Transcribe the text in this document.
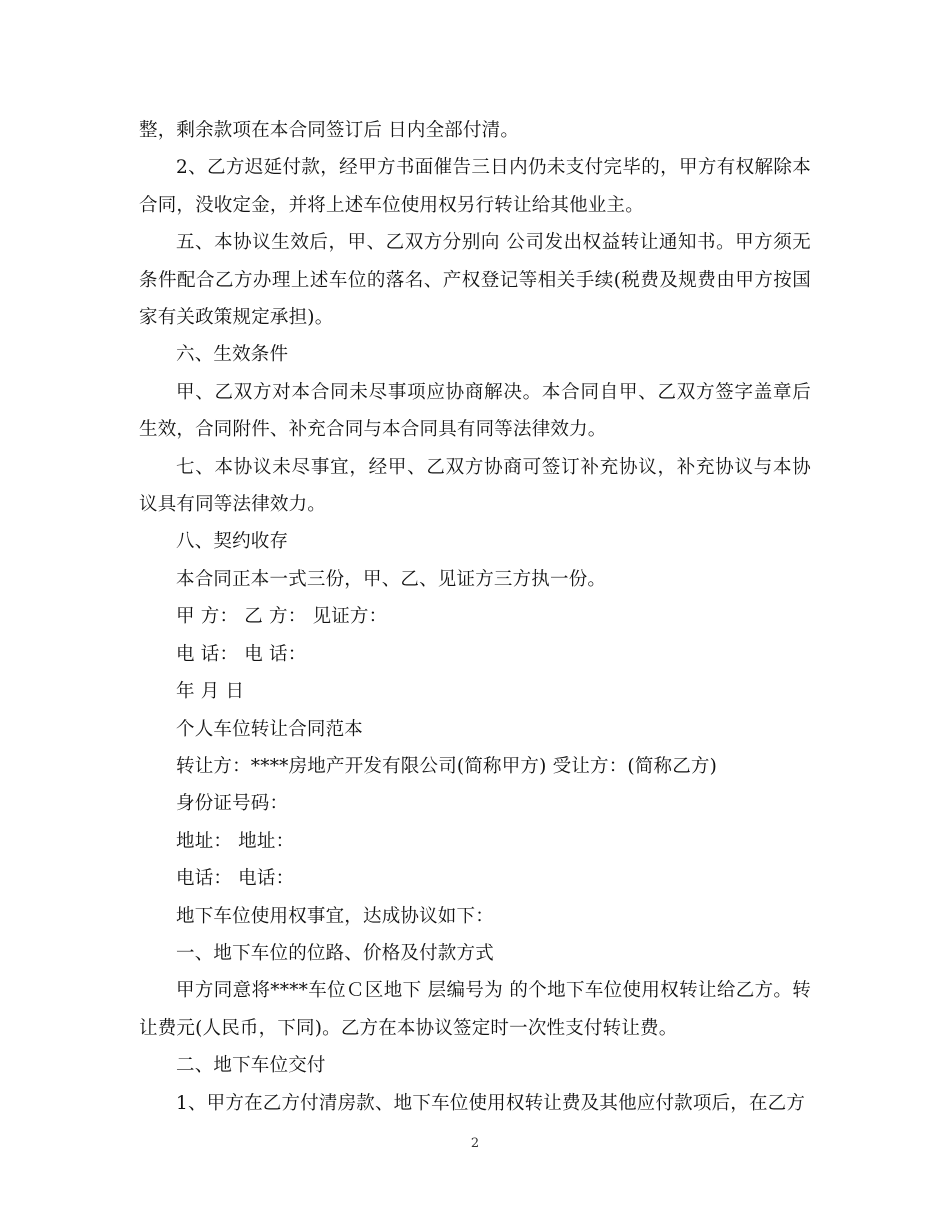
整，剩余款项在本合同签订后 日内全部付清。

2、乙方迟延付款，经甲方书面催告三日内仍未支付完毕的，甲方有权解除本合同，没收定金，并将上述车位使用权另行转让给其他业主。

五、本协议生效后，甲、乙双方分别向 公司发出权益转让通知书。甲方须无条件配合乙方办理上述车位的落名、产权登记等相关手续(税费及规费由甲方按国家有关政策规定承担)。

六、生效条件

甲、乙双方对本合同未尽事项应协商解决。本合同自甲、乙双方签字盖章后生效，合同附件、补充合同与本合同具有同等法律效力。

七、本协议未尽事宜，经甲、乙双方协商可签订补充协议，补充协议与本协议具有同等法律效力。

八、契约收存

本合同正本一式三份，甲、乙、见证方三方执一份。

甲 方： 乙 方： 见证方：

电 话： 电 话：

年 月 日

个人车位转让合同范本

转让方：****房地产开发有限公司(简称甲方) 受让方：(简称乙方)

身份证号码：

地址： 地址：

电话： 电话：

地下车位使用权事宜，达成协议如下：

一、地下车位的位路、价格及付款方式

甲方同意将****车位Ｃ区地下 层编号为 的个地下车位使用权转让给乙方。转让费元(人民币，下同)。乙方在本协议签定时一次性支付转让费。

二、地下车位交付

1、甲方在乙方付清房款、地下车位使用权转让费及其他应付款项后，在乙方

2
